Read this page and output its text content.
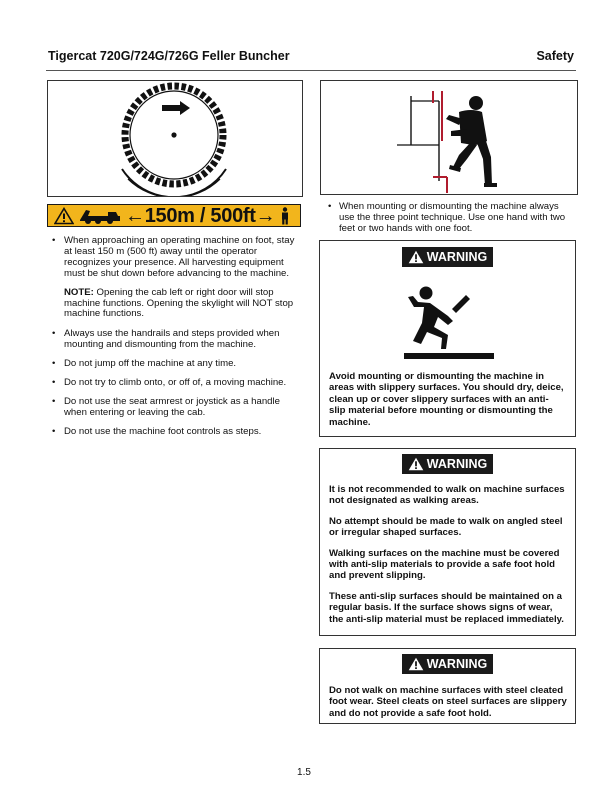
Tigercat 720G/724G/726G Feller Buncher	Safety
←150m / 500ft→
• When approaching an operating machine on foot, stay at least 150 m (500 ft) away until the operator recognizes your presence. All harvesting equipment must be shut down before advancing to the machine.
NOTE: Opening the cab left or right door will stop machine functions. Opening the skylight will NOT stop machine functions.
• Always use the handrails and steps provided when mounting and dismounting from the machine.
• Do not jump off the machine at any time.
• Do not try to climb onto, or off of, a moving machine.
• Do not use the seat armrest or joystick as a handle when entering or leaving the cab.
• Do not use the machine foot controls as steps.
• When mounting or dismounting the machine always use the three point technique. Use one hand with two feet or two hands with one foot.
WARNING

Avoid mounting or dismounting the machine in areas with slippery surfaces. You should dry, deice, clean up or cover slippery surfaces with an anti-slip material before mounting or dismounting the machine.

WARNING

It is not recommended to walk on machine surfaces not designated as walking areas.

No attempt should be made to walk on angled steel or irregular shaped surfaces.

Walking surfaces on the machine must be covered with anti-slip materials to provide a safe foot hold and prevent slipping.

These anti-slip surfaces should be maintained on a regular basis. If the surface shows signs of wear, the anti-slip material must be replaced immediately.

WARNING

Do not walk on machine surfaces with steel cleated foot wear. Steel cleats on steel surfaces are slippery and do not provide a safe foot hold.

1.5
